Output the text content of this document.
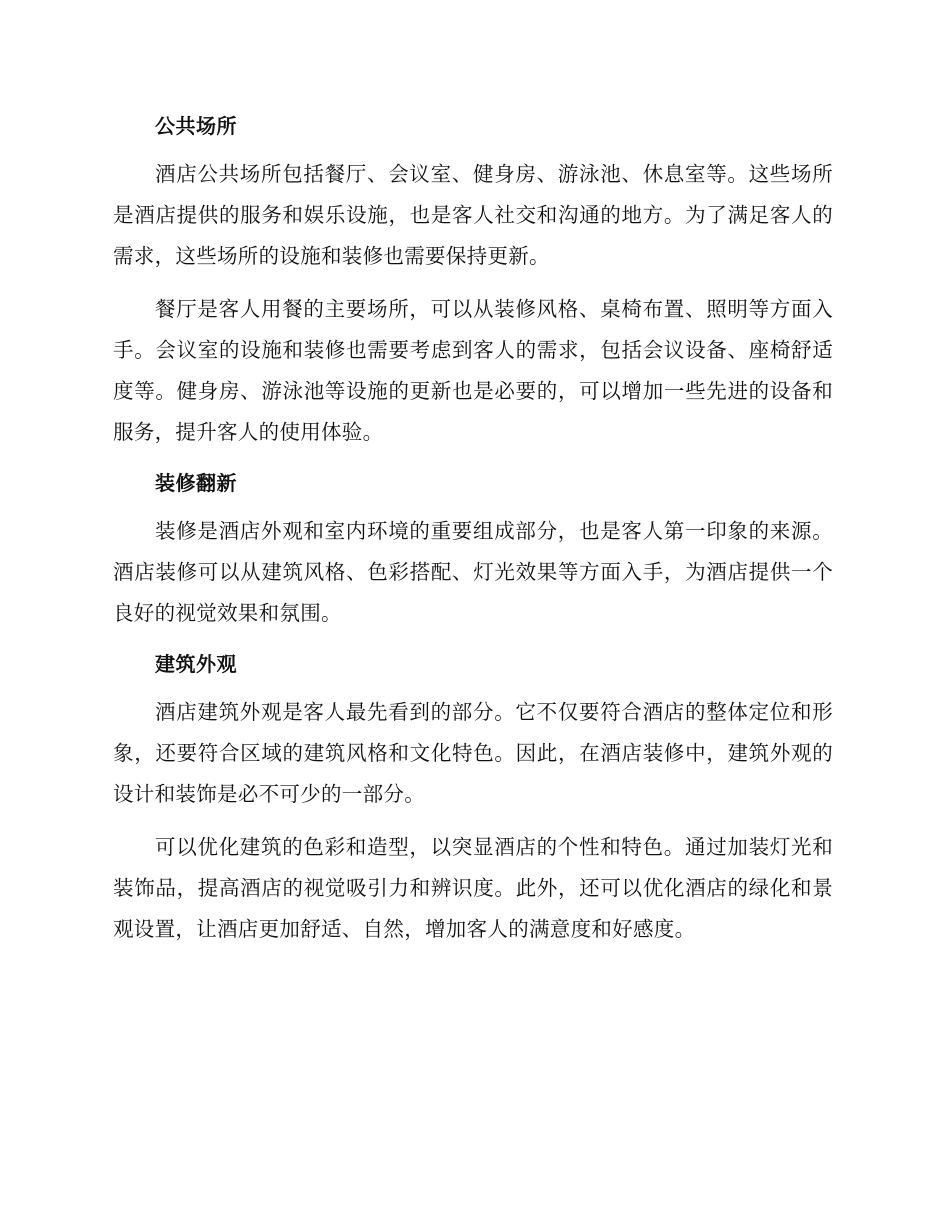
公共场所

酒店公共场所包括餐厅、会议室、健身房、游泳池、休息室等。这些场所是酒店提供的服务和娱乐设施，也是客人社交和沟通的地方。为了满足客人的需求，这些场所的设施和装修也需要保持更新。

餐厅是客人用餐的主要场所，可以从装修风格、桌椅布置、照明等方面入手。会议室的设施和装修也需要考虑到客人的需求，包括会议设备、座椅舒适度等。健身房、游泳池等设施的更新也是必要的，可以增加一些先进的设备和服务，提升客人的使用体验。

装修翻新

装修是酒店外观和室内环境的重要组成部分，也是客人第一印象的来源。酒店装修可以从建筑风格、色彩搭配、灯光效果等方面入手，为酒店提供一个良好的视觉效果和氛围。

建筑外观

酒店建筑外观是客人最先看到的部分。它不仅要符合酒店的整体定位和形象，还要符合区域的建筑风格和文化特色。因此，在酒店装修中，建筑外观的设计和装饰是必不可少的一部分。

可以优化建筑的色彩和造型，以突显酒店的个性和特色。通过加装灯光和装饰品，提高酒店的视觉吸引力和辨识度。此外，还可以优化酒店的绿化和景观设置，让酒店更加舒适、自然，增加客人的满意度和好感度。
